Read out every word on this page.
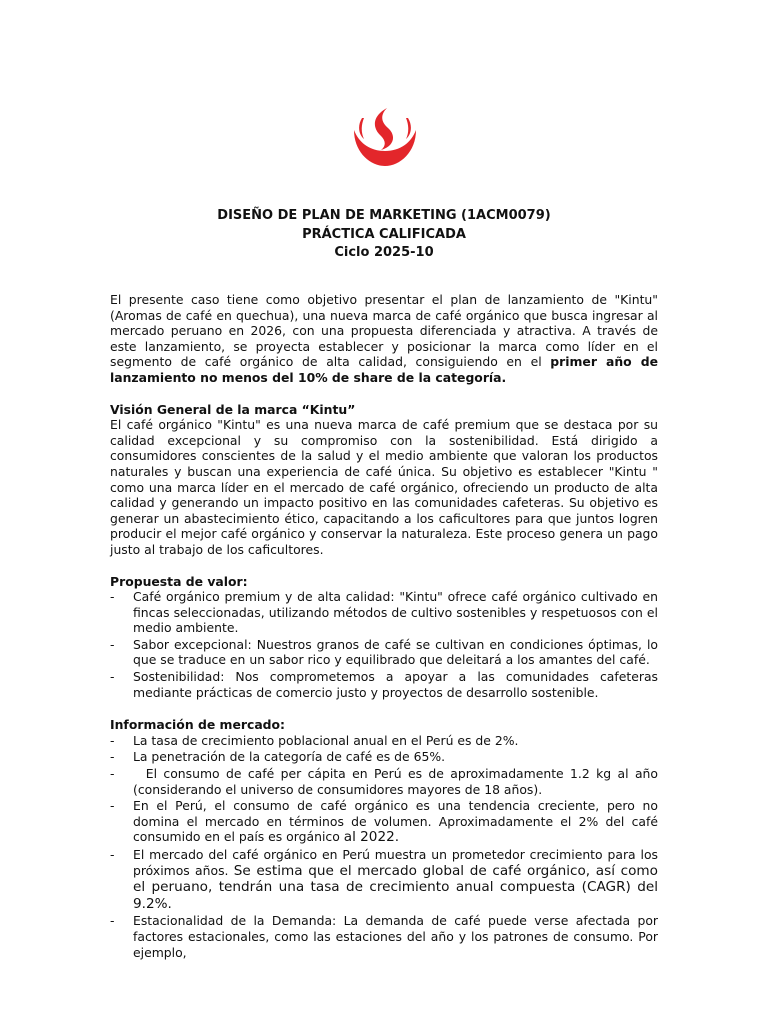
DISEÑO DE PLAN DE MARKETING (1ACM0079)
PRÁCTICA CALIFICADA
Ciclo 2025-10

El presente caso tiene como objetivo presentar el plan de lanzamiento de "Kintu" (Aromas de café en quechua), una nueva marca de café orgánico que busca ingresar al mercado peruano en 2026, con una propuesta diferenciada y atractiva. A través de este lanzamiento, se proyecta establecer y posicionar la marca como líder en el segmento de café orgánico de alta calidad, consiguiendo en el primer año de lanzamiento no menos del 10% de share de la categoría.

Visión General de la marca “Kintu”

El café orgánico "Kintu" es una nueva marca de café premium que se destaca por su calidad excepcional y su compromiso con la sostenibilidad. Está dirigido a consumidores conscientes de la salud y el medio ambiente que valoran los productos naturales y buscan una experiencia de café única. Su objetivo es establecer "Kintu " como una marca líder en el mercado de café orgánico, ofreciendo un producto de alta calidad y generando un impacto positivo en las comunidades cafeteras. Su objetivo es generar un abastecimiento ético, capacitando a los caficultores para que juntos logren producir el mejor café orgánico y conservar la naturaleza. Este proceso genera un pago justo al trabajo de los caficultores.

Propuesta de valor:

- Café orgánico premium y de alta calidad: "Kintu" ofrece café orgánico cultivado en fincas seleccionadas, utilizando métodos de cultivo sostenibles y respetuosos con el medio ambiente.
- Sabor excepcional: Nuestros granos de café se cultivan en condiciones óptimas, lo que se traduce en un sabor rico y equilibrado que deleitará a los amantes del café.
- Sostenibilidad: Nos comprometemos a apoyar a las comunidades cafeteras mediante prácticas de comercio justo y proyectos de desarrollo sostenible.

Información de mercado:

- La tasa de crecimiento poblacional anual en el Perú es de 2%.
- La penetración de la categoría de café es de 65%.
-   El consumo de café per cápita en Perú es de aproximadamente 1.2 kg al año (considerando el universo de consumidores mayores de 18 años).
- En el Perú, el consumo de café orgánico es una tendencia creciente, pero no domina el mercado en términos de volumen. Aproximadamente el 2% del café consumido en el país es orgánico al 2022.
- El mercado del café orgánico en Perú muestra un prometedor crecimiento para los próximos años. Se estima que el mercado global de café orgánico, así como el peruano, tendrán una tasa de crecimiento anual compuesta (CAGR) del 9.2%.
- Estacionalidad de la Demanda: La demanda de café puede verse afectada por factores estacionales, como las estaciones del año y los patrones de consumo. Por ejemplo,
